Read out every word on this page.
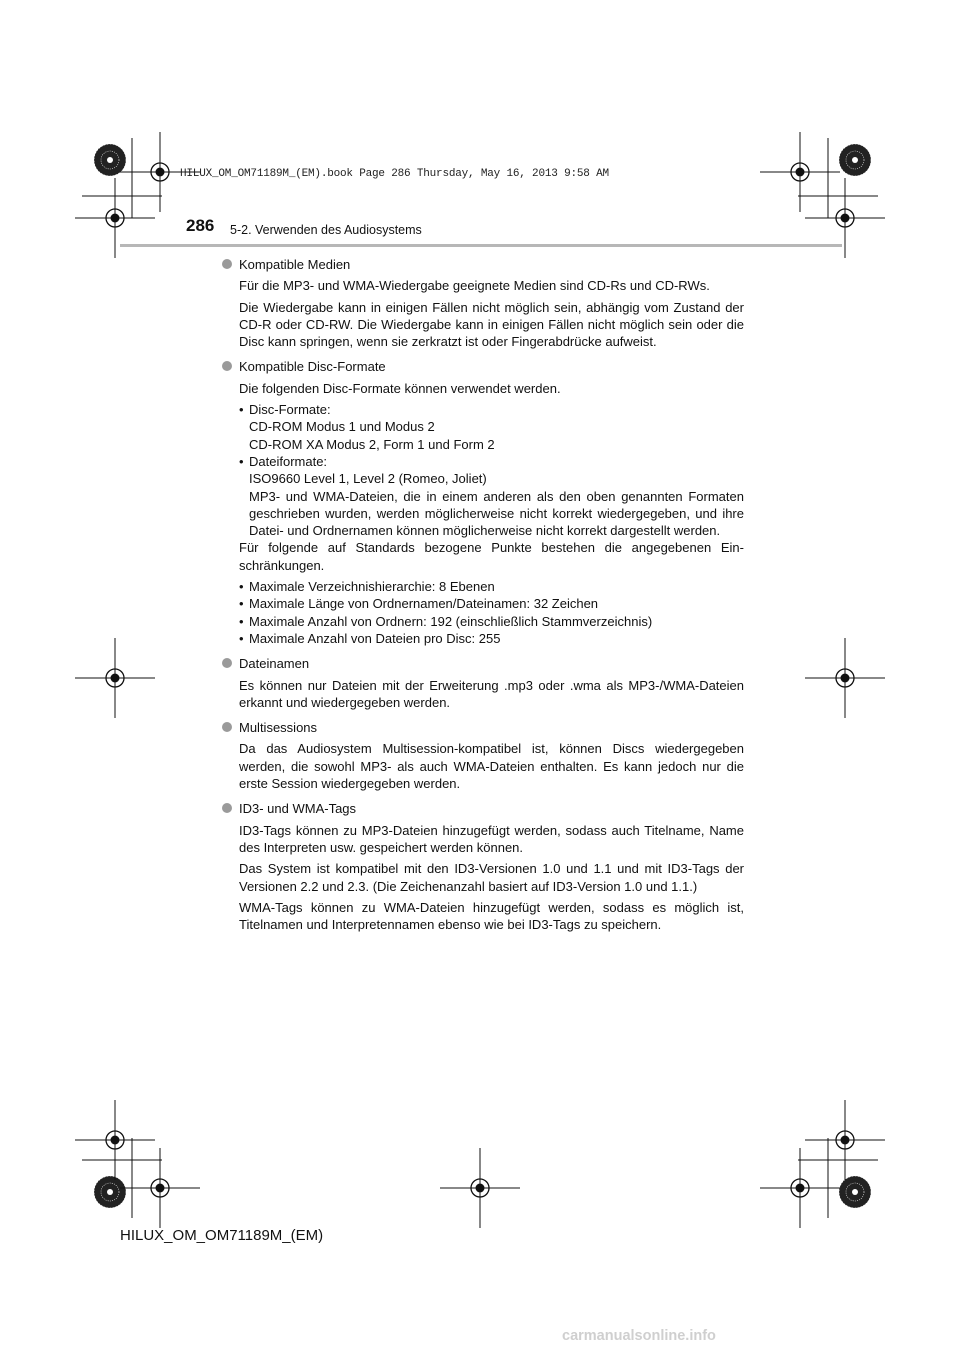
HILUX_OM_OM71189M_(EM).book Page 286 Thursday, May 16, 2013 9:58 AM
286 5-2. Verwenden des Audiosystems
Kompatible Medien

Für die MP3- und WMA-Wiedergabe geeignete Medien sind CD-Rs und CD-RWs.

Die Wiedergabe kann in einigen Fällen nicht möglich sein, abhängig vom Zustand der CD-R oder CD-RW. Die Wiedergabe kann in einigen Fällen nicht möglich sein oder die Disc kann springen, wenn sie zerkratzt ist oder Fingerabdrücke aufweist.

Kompatible Disc-Formate

Die folgenden Disc-Formate können verwendet werden.

• Disc-Formate:
CD-ROM Modus 1 und Modus 2
CD-ROM XA Modus 2, Form 1 und Form 2
• Dateiformate:
ISO9660 Level 1, Level 2 (Romeo, Joliet)
MP3- und WMA-Dateien, die in einem anderen als den oben genannten Formaten geschrieben wurden, werden möglicherweise nicht korrekt wiedergegeben, und ihre Datei- und Ordnernamen können möglicherweise nicht korrekt dargestellt werden.

Für folgende auf Standards bezogene Punkte bestehen die angegebenen Ein-schränkungen.

• Maximale Verzeichnishierarchie: 8 Ebenen
• Maximale Länge von Ordnernamen/Dateinamen: 32 Zeichen
• Maximale Anzahl von Ordnern: 192 (einschließlich Stammverzeichnis)
• Maximale Anzahl von Dateien pro Disc: 255
Dateinamen

Es können nur Dateien mit der Erweiterung .mp3 oder .wma als MP3-/WMA-Dateien erkannt und wiedergegeben werden.

Multisessions

Da das Audiosystem Multisession-kompatibel ist, können Discs wiedergegeben werden, die sowohl MP3- als auch WMA-Dateien enthalten. Es kann jedoch nur die erste Session wiedergegeben werden.

ID3- und WMA-Tags

ID3-Tags können zu MP3-Dateien hinzugefügt werden, sodass auch Titelname, Name des Interpreten usw. gespeichert werden können.

Das System ist kompatibel mit den ID3-Versionen 1.0 und 1.1 und mit ID3-Tags der Versionen 2.2 und 2.3. (Die Zeichenanzahl basiert auf ID3-Version 1.0 und 1.1.)

WMA-Tags können zu WMA-Dateien hinzugefügt werden, sodass es möglich ist, Titelnamen und Interpretennamen ebenso wie bei ID3-Tags zu speichern.

HILUX_OM_OM71189M_(EM)
carmanualsonline.info
